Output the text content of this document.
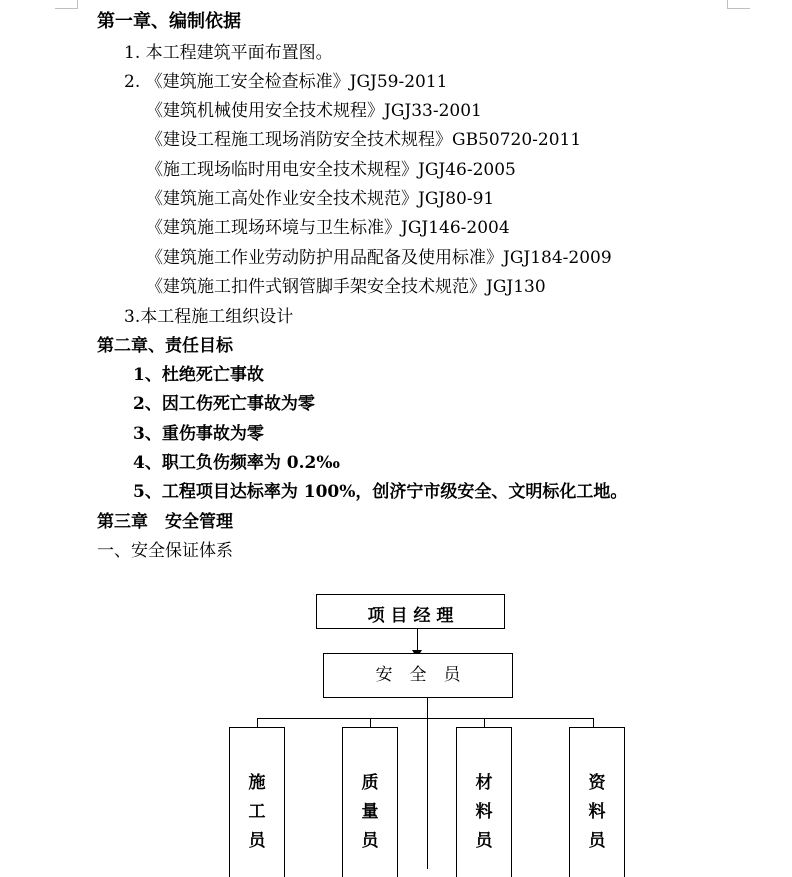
第一章、编制依据
1. 本工程建筑平面布置图。
2. 《建筑施工安全检查标准》JGJ59-2011
《建筑机械使用安全技术规程》JGJ33-2001
《建设工程施工现场消防安全技术规程》GB50720-2011
《施工现场临时用电安全技术规程》JGJ46-2005
《建筑施工高处作业安全技术规范》JGJ80-91
《建筑施工现场环境与卫生标准》JGJ146-2004
《建筑施工作业劳动防护用品配备及使用标准》JGJ184-2009
《建筑施工扣件式钢管脚手架安全技术规范》JGJ130
3.本工程施工组织设计
第二章、责任目标
1、杜绝死亡事故
2、因工伤死亡事故为零
3、重伤事故为零
4、职工负伤频率为 0.2‰
5、工程项目达标率为 100%，创济宁市级安全、文明标化工地。
第三章　安全管理
一、安全保证体系
项 目 经 理
安　全　员
施
工
员
质
量
员
材
料
员
资
料
员
